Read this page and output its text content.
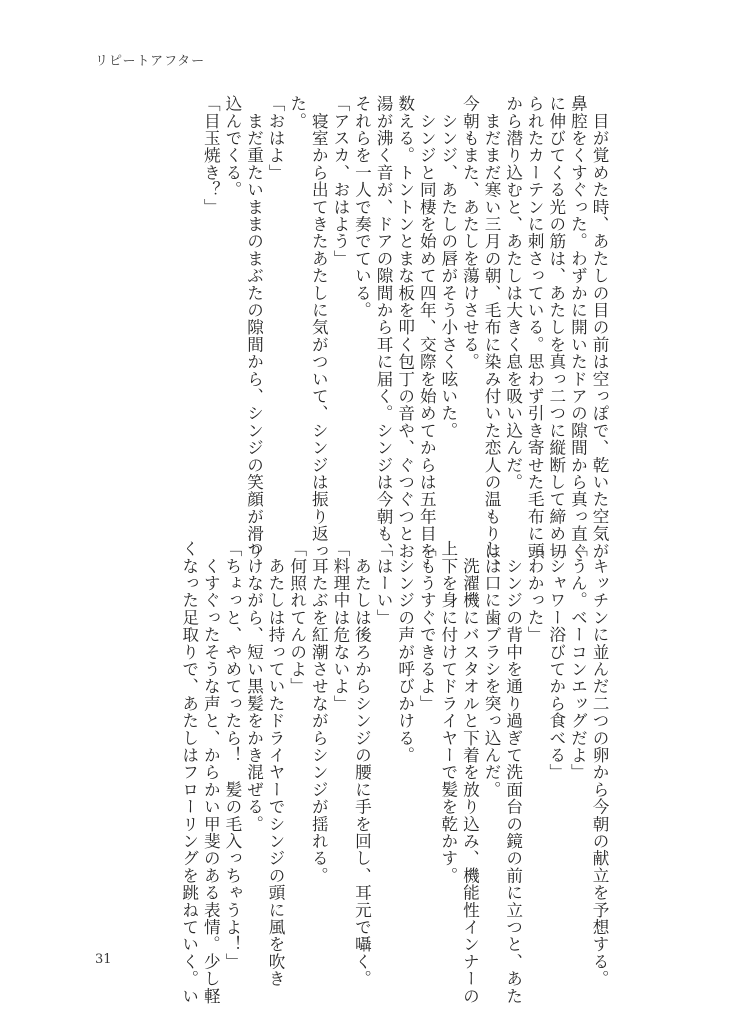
リピートアフター

　目が覚めた時、あたしの目の前は空っぽで、乾いた空気が

鼻腔をくすぐった。わずかに開いたドアの隙間から真っ直ぐ

に伸びてくる光の筋は、あたしを真っ二つに縦断して締め切

られたカーテンに刺さっている。思わず引き寄せた毛布に頭

から潜り込むと、あたしは大きく息を吸い込んだ。

　まだまだ寒い三月の朝、毛布に染み付いた恋人の温もりは、

今朝もまた、あたしを蕩けさせる。

　シンジ、あたしの唇がそう小さく呟いた。

　シンジと同棲を始めて四年、交際を始めてからは五年目を

数える。トントンとまな板を叩く包丁の音や、ぐつぐつとお

湯が沸く音が、ドアの隙間から耳に届く。シンジは今朝も、

それらを一人で奏でている。

「アスカ、おはよう」

　寝室から出てきたあたしに気がついて、シンジは振り返っ

た。

「おはよ」

　まだ重たいままのまぶたの隙間から、シンジの笑顔が滑り

込んでくる。

「目玉焼き？」

　キッチンに並んだ二つの卵から今朝の献立を予想する。

「うん。ベーコンエッグだよ」

「シャワー浴びてから食べる」

「わかった」

　シンジの背中を通り過ぎて洗面台の鏡の前に立つと、あた

しは口に歯ブラシを突っ込んだ。

　洗濯機にバスタオルと下着を放り込み、機能性インナーの

上下を身に付けてドライヤーで髪を乾かす。

「もうすぐできるよ」

　シンジの声が呼びかける。

「はーい」

　あたしは後ろからシンジの腰に手を回し、耳元で囁く。

「料理中は危ないよ」

　耳たぶを紅潮させながらシンジが揺れる。

「何照れてんのよ」

　あたしは持っていたドライヤーでシンジの頭に風を吹き

つけながら、短い黒髪をかき混ぜる。

「ちょっと、やめてったら！　髪の毛入っちゃうよ！」

　くすぐったそうな声と、からかい甲斐のある表情。少し軽

くなった足取りで、あたしはフローリングを跳ねていく。い

31
